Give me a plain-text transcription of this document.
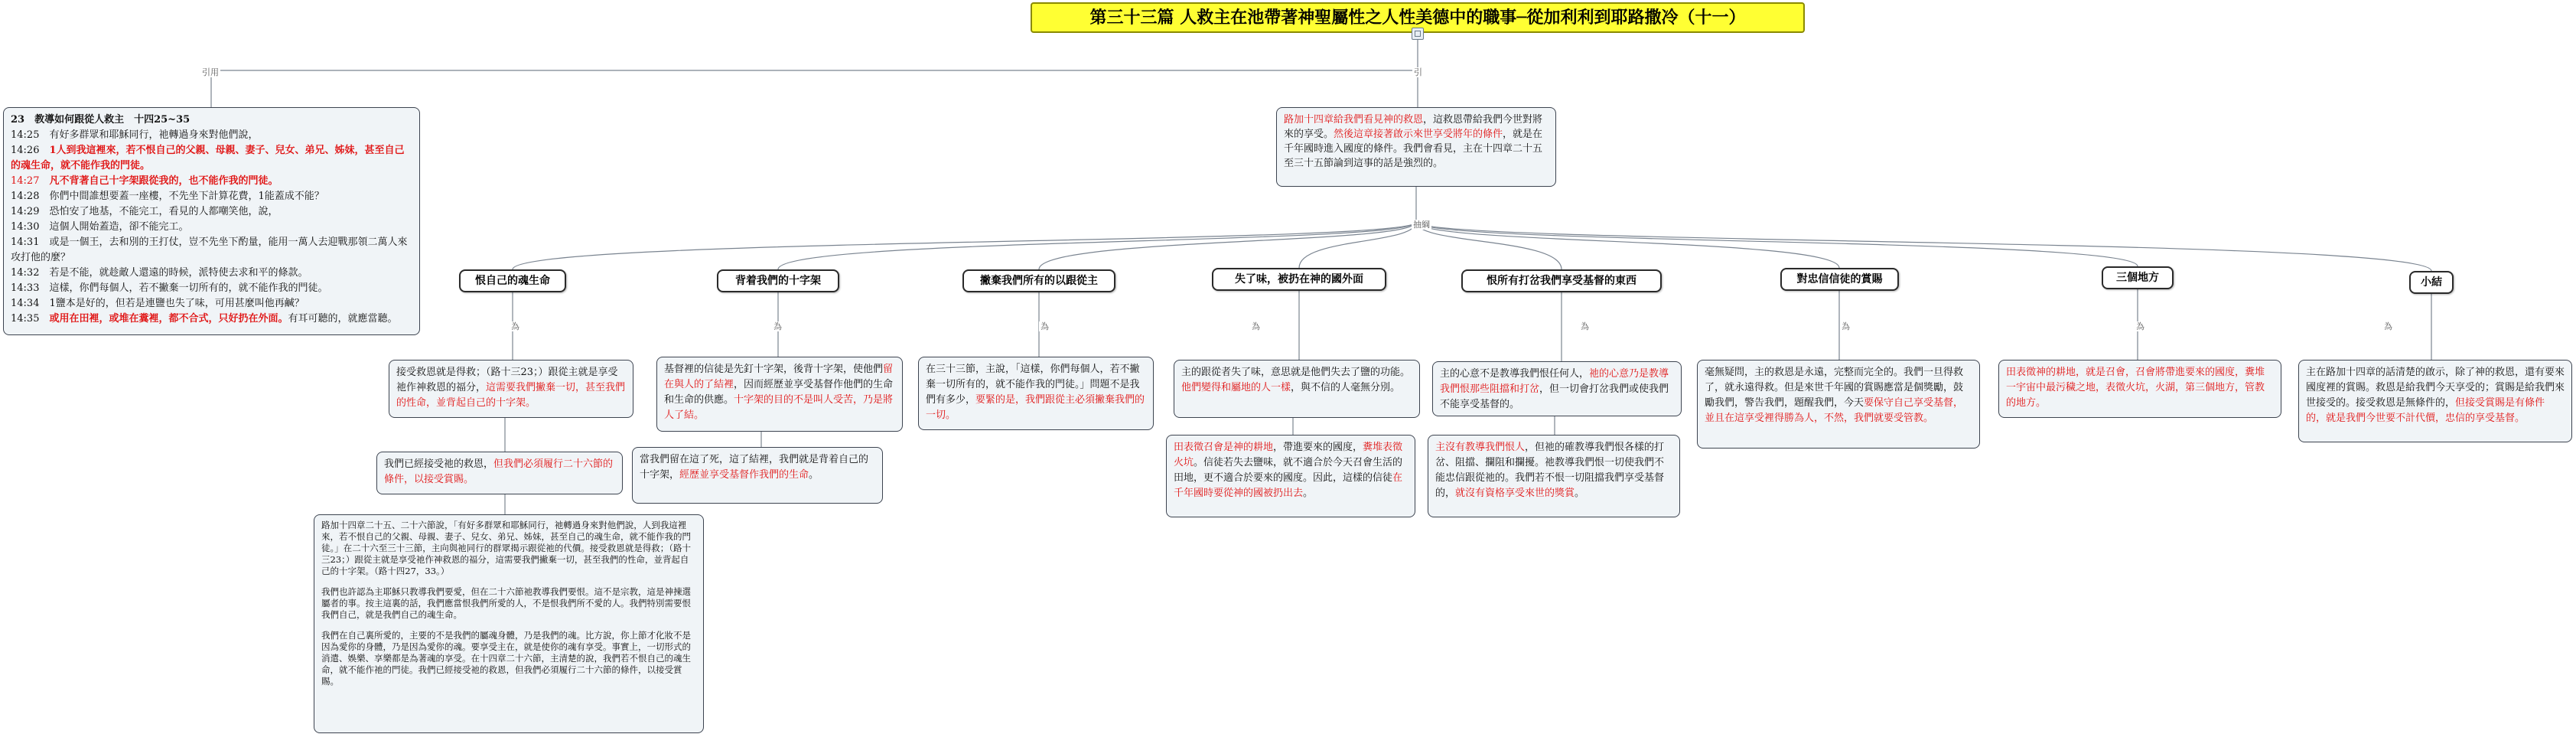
第三十三篇 人救主在池帶著神聖屬性之人性美德中的職事─從加利利到耶路撒冷（十一）
引用	引
抽綱
為	為	為	為	為	為	為	為
23　教導如何跟從人救主　十四25~35
14:25　有好多群眾和耶穌同行，祂轉過身來對他們說，
14:26　1人到我這裡來，若不恨自己的父親、母親、妻子、兒女、弟兄、姊妹，甚至自己的魂生命，就不能作我的門徒。
14:27　凡不背著自己十字架跟從我的，也不能作我的門徒。
14:28　你們中間誰想要蓋一座樓，不先坐下計算花費，1能蓋成不能？
14:29　恐怕安了地基，不能完工，看見的人都嘲笑他，說，
14:30　這個人開始蓋造，卻不能完工。
14:31　或是一個王，去和別的王打仗，豈不先坐下酌量，能用一萬人去迎戰那領二萬人來攻打他的麼？
14:32　若是不能，就趁敵人還遠的時候，派特使去求和平的條款。
14:33　這樣，你們每個人，若不撇棄一切所有的，就不能作我的門徒。
14:34　1鹽本是好的，但若是連鹽也失了味，可用甚麼叫他再鹹？
14:35　或用在田裡，或堆在糞裡，都不合式，只好扔在外面。有耳可聽的，就應當聽。
路加十四章給我們看見神的救恩，這救恩帶給我們今世對將來的享受。然後這章接著啟示來世享受將年的條件，就是在千年國時進入國度的條件。我們會看見，主在十四章二十五至三十五節論到這事的話是強烈的。
恨自己的魂生命	背着我們的十字架	撇棄我們所有的以跟從主	失了味，被扔在神的國外面	恨所有打岔我們享受基督的東西	對忠信信徒的賞賜	三個地方	小結
接受救恩就是得救；（路十三23；）跟從主就是享受祂作神救恩的福分，這需要我們撇棄一切，甚至我們的性命，並背起自己的十字架。
我們已經接受祂的救恩，但我們必須履行二十六節的條件，以接受賞賜。
路加十四章二十五、二十六節說，「有好多群眾和耶穌同行，祂轉過身來對他們說，人到我這裡來，若不恨自己的父親、母親、妻子、兒女、弟兄、姊妹，甚至自己的魂生命，就不能作我的門徒。」在二十六至三十三節，主向與祂同行的群眾揭示跟從祂的代價。接受救恩就是得救；（路十三23；）跟從主就是享受祂作神救恩的福分，這需要我們撇棄一切，甚至我們的性命，並背起自己的十字架。（路十四27，33。）
我們也許認為主耶穌只教導我們要愛，但在二十六節祂教導我們要恨。這不是宗教，這是神揀選屬者的事。按主這裏的話，我們應當恨我們所愛的人，不是恨我們所不愛的人。我們特別需要恨我們自己，就是我們自己的魂生命。
我們在自己裏所愛的，主要的不是我們的屬魂身體，乃是我們的魂。比方說，你上節才化妝不是因為愛你的身體，乃是因為愛你的魂。要享受主在，就是使你的魂有享受。事實上，一切形式的消遣、娛樂、享樂都是為著魂的享受。在十四章二十六節，主清楚的說，我們若不恨自己的魂生命，就不能作祂的門徒。我們已經接受祂的救恩，但我們必須履行二十六節的條件，以接受賞賜。
基督裡的信徒是先釘十字架，後背十字架，使他們留在與人的了結裡，因而經歷並享受基督作他們的生命和生命的供應。十字架的目的不是叫人受苦，乃是將人了結。
當我們留在這了死，這了結裡，我們就是背着自己的十字架，經歷並享受基督作我們的生命。
在三十三節，主說，「這樣，你們每個人，若不撇棄一切所有的，就不能作我的門徒。」問題不是我們有多少，要緊的是，我們跟從主必須撇棄我們的一切。
主的跟從者失了味，意思就是他們失去了鹽的功能。他們變得和屬地的人一樣，與不信的人毫無分別。
田表徵召會是神的耕地，帶進要來的國度，糞堆表徵火坑。信徒若失去鹽味，就不適合於今天召會生活的田地，更不適合於要來的國度。因此，這樣的信徒在千年國時要從神的國被扔出去。
主的心意不是教導我們恨任何人，祂的心意乃是教導我們恨那些阻擋和打岔，但一切會打岔我們或使我們不能享受基督的。
主沒有教導我們恨人，但祂的確教導我們恨各樣的打岔、阻擋、攔阻和攔擾。祂教導我們恨一切使我們不能忠信跟從祂的。我們若不恨一切阻擋我們享受基督的，就沒有資格享受來世的獎賞。
毫無疑問，主的救恩是永遠，完整而完全的。我們一旦得救了，就永遠得救。但是來世千年國的賞賜應當是個獎勵，鼓勵我們，警告我們，題醒我們，今天要保守自己享受基督，並且在這享受裡得勝為人，不然，我們就要受管教。
田表徵神的耕地，就是召會，召會將帶進要來的國度，糞堆一宇宙中最污穢之地，表徵火坑，火湖，第三個地方，管教的地方。
主在路加十四章的話清楚的啟示，除了神的救恩，還有要來國度裡的賞賜。救恩是給我們今天享受的；賞賜是給我們來世接受的。接受救恩是無條件的，但接受賞賜是有條件的，就是我們今世要不計代價，忠信的享受基督。
